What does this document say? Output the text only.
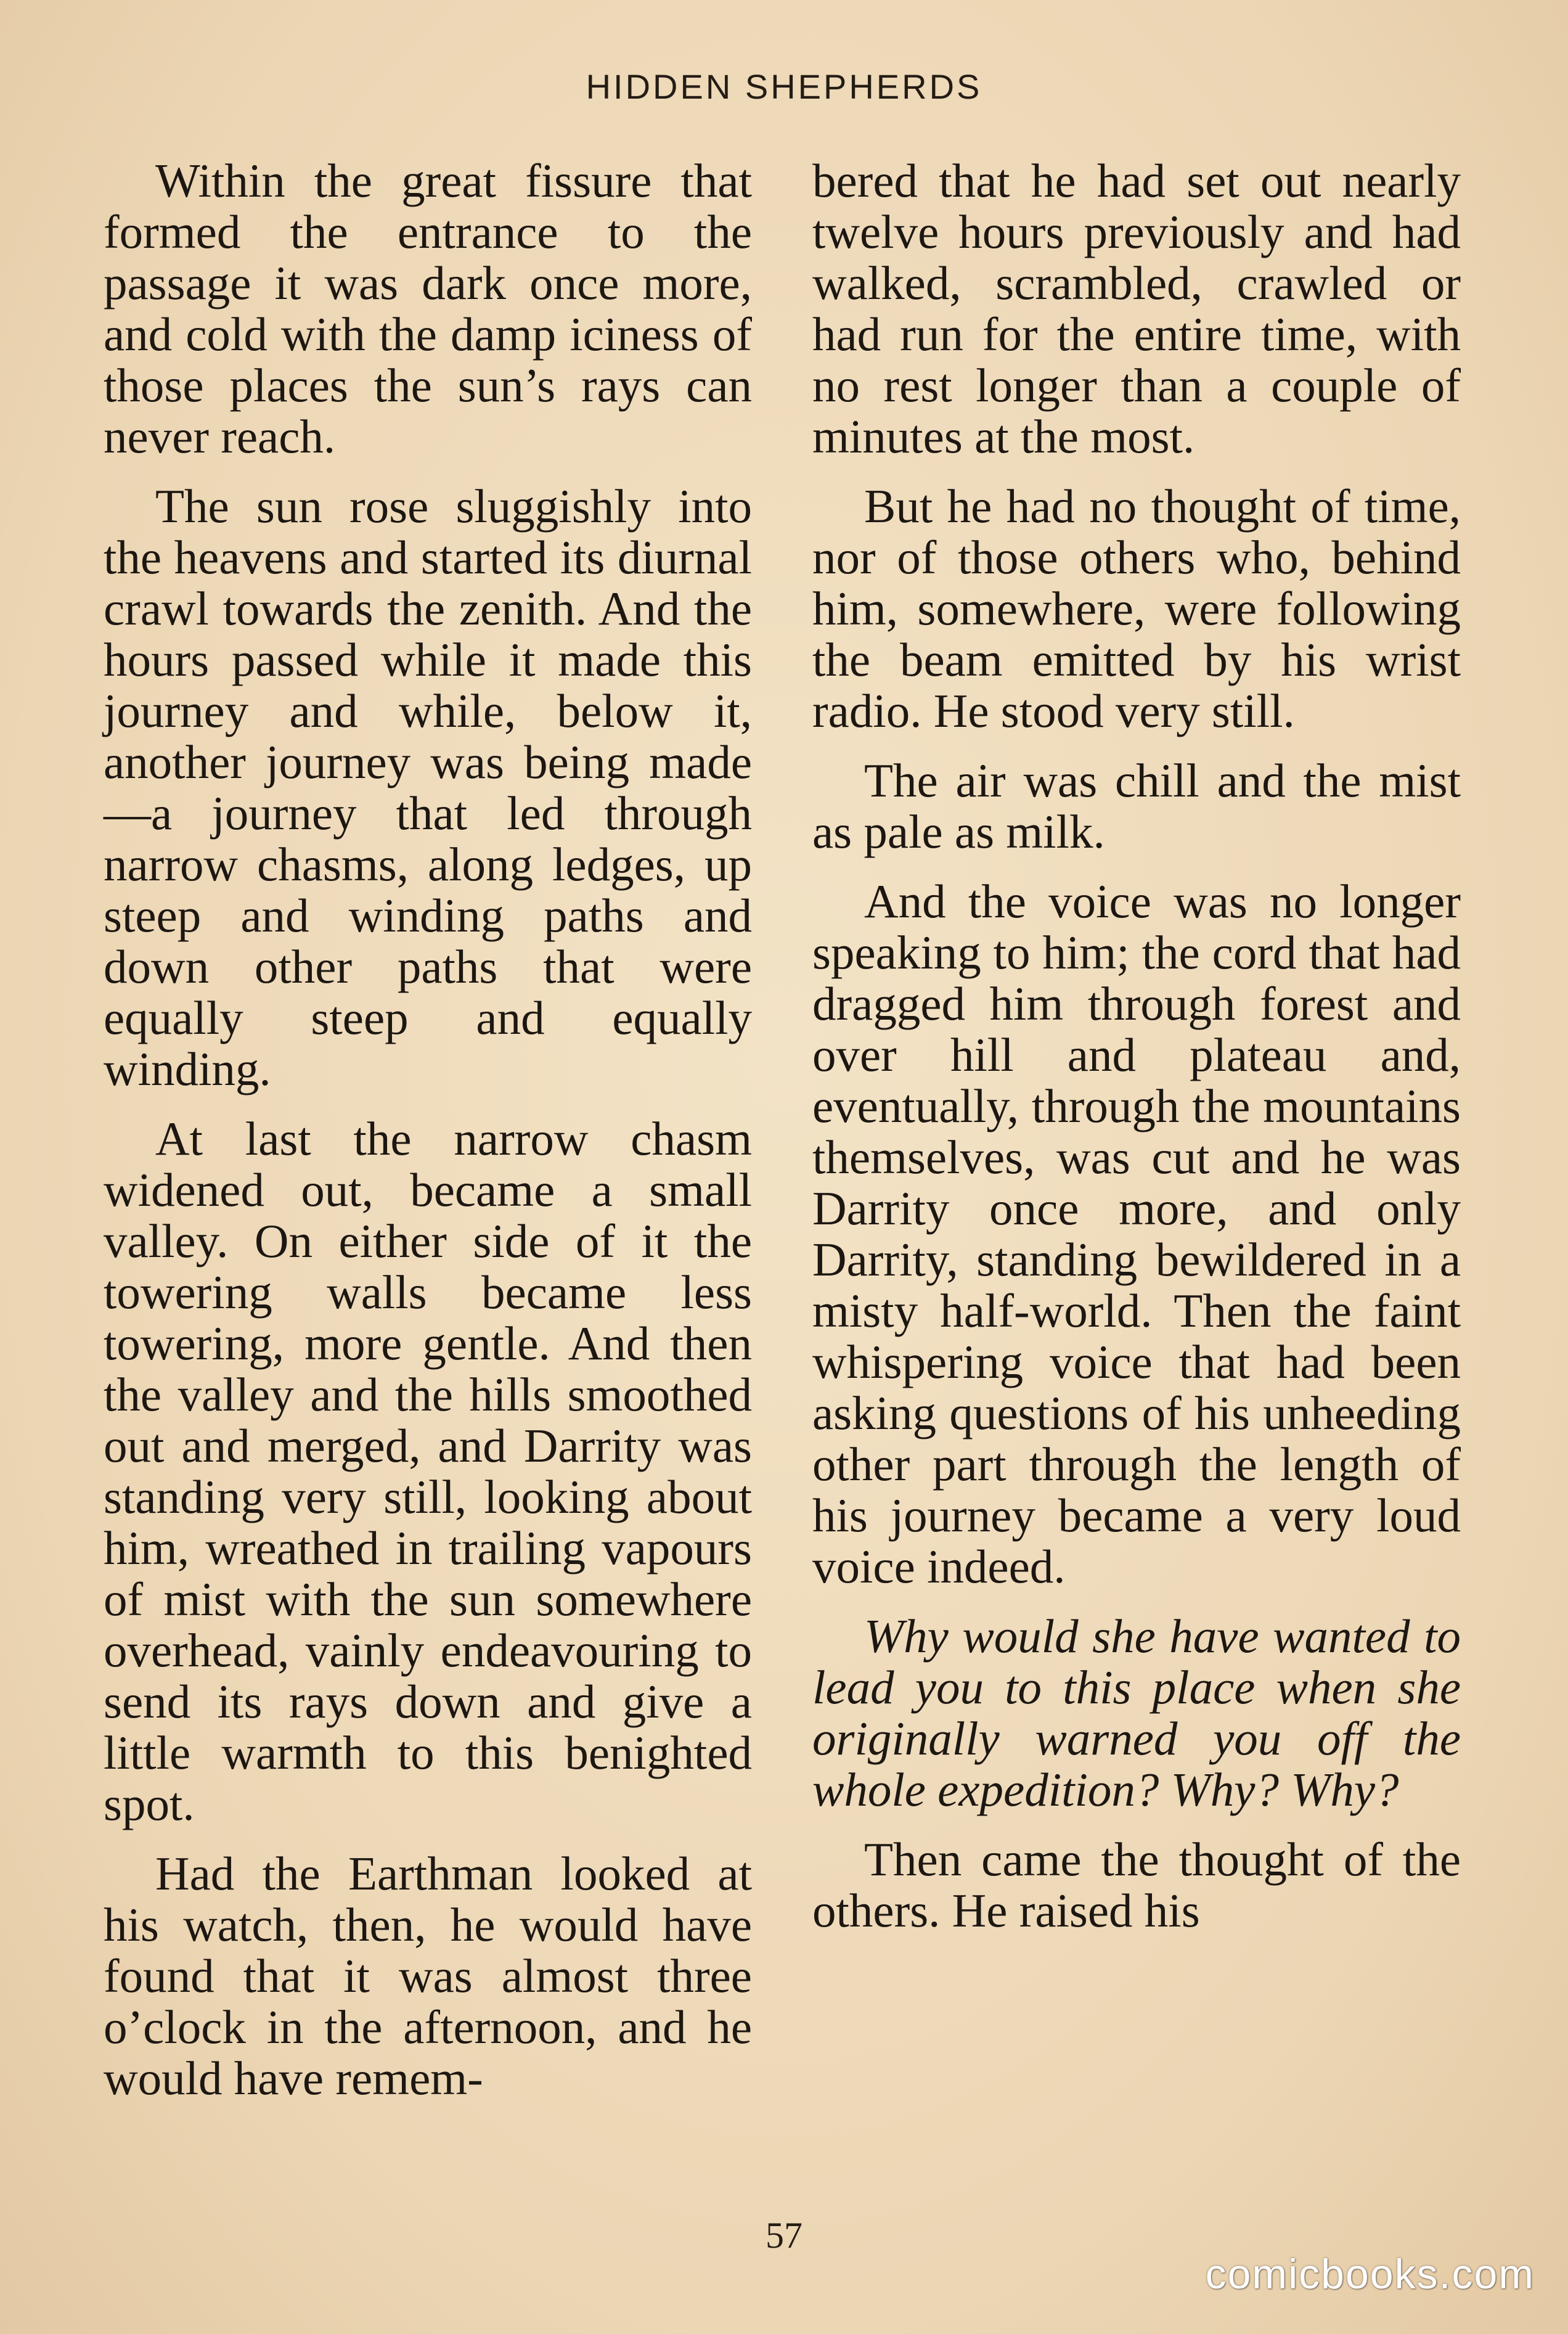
HIDDEN SHEPHERDS

Within the great fissure that formed the entrance to the passage it was dark once more, and cold with the damp iciness of those places the sun’s rays can never reach.

The sun rose sluggishly into the heavens and started its diurnal crawl towards the zenith. And the hours passed while it made this journey and while, below it, another journey was being made—a journey that led through narrow chasms, along ledges, up steep and winding paths and down other paths that were equally steep and equally winding.

At last the narrow chasm widened out, became a small valley. On either side of it the towering walls became less towering, more gentle. And then the valley and the hills smoothed out and merged, and Darrity was standing very still, looking about him, wreathed in trailing vapours of mist with the sun somewhere overhead, vainly endeavouring to send its rays down and give a little warmth to this benighted spot.

Had the Earthman looked at his watch, then, he would have found that it was almost three o’clock in the afternoon, and he would have remem-

bered that he had set out nearly twelve hours previously and had walked, scrambled, crawled or had run for the entire time, with no rest longer than a couple of minutes at the most.

But he had no thought of time, nor of those others who, behind him, somewhere, were following the beam emitted by his wrist radio. He stood very still.

The air was chill and the mist as pale as milk.

And the voice was no longer speaking to him; the cord that had dragged him through forest and over hill and plateau and, eventually, through the mountains themselves, was cut and he was Darrity once more, and only Darrity, standing bewildered in a misty half-world. Then the faint whispering voice that had been asking questions of his unheeding other part through the length of his journey became a very loud voice indeed.

Why would she have wanted to lead you to this place when she originally warned you off the whole expedition? Why? Why?

Then came the thought of the others. He raised his

57
comicbooks.com
